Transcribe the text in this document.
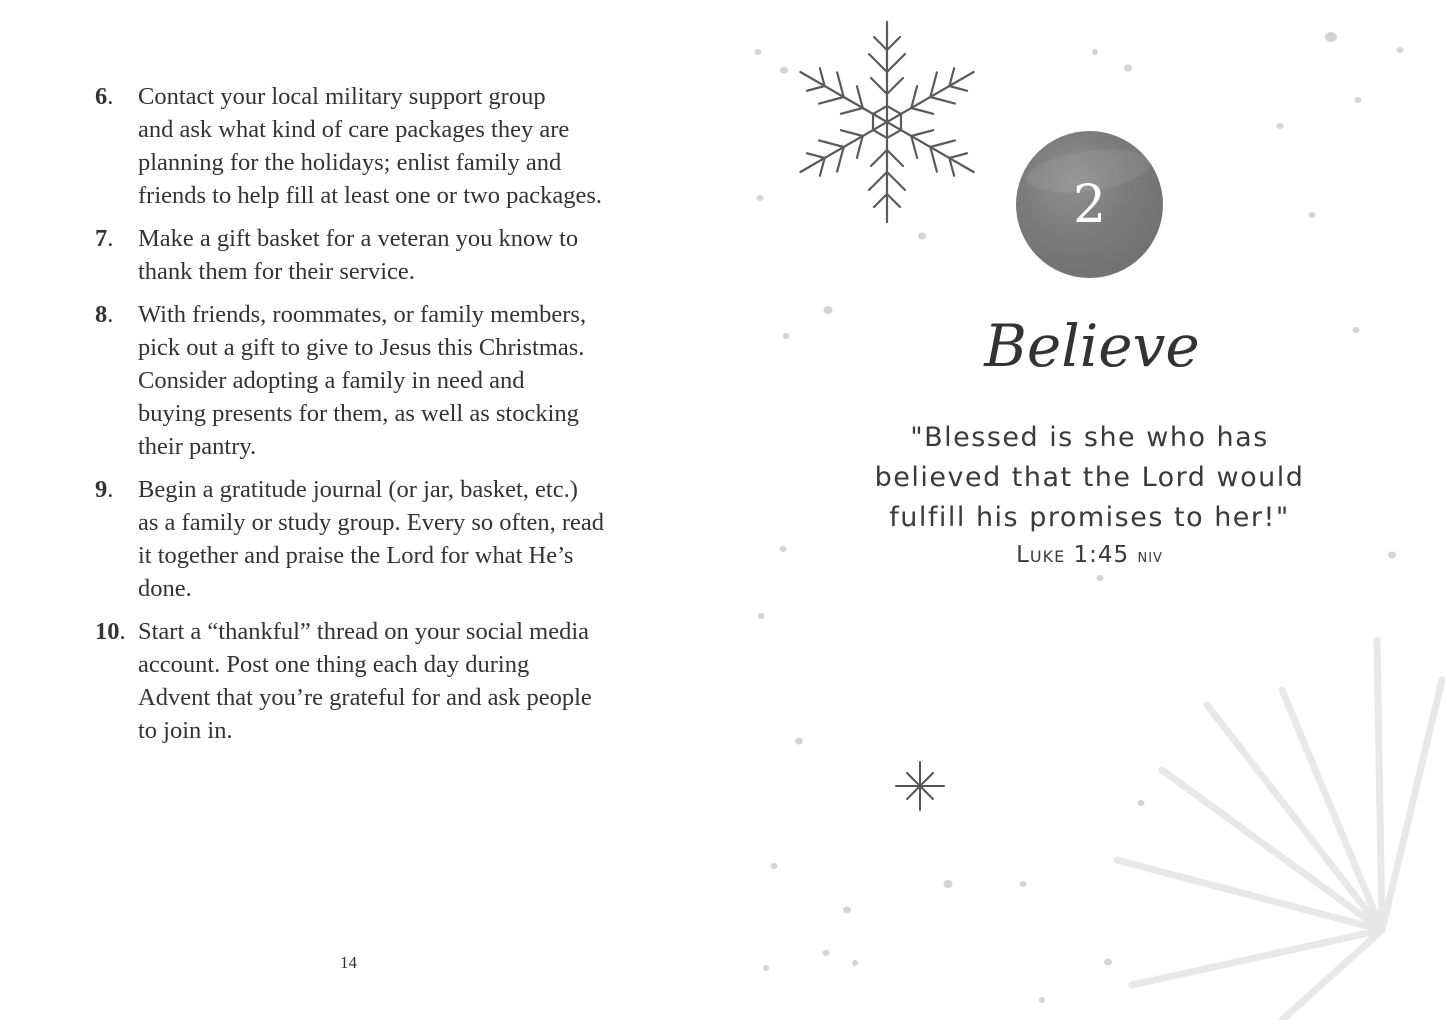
6. Contact your local military support group
and ask what kind of care packages they are
planning for the holidays; enlist family and
friends to help fill at least one or two packages.
7. Make a gift basket for a veteran you know to
thank them for their service.
8. With friends, roommates, or family members,
pick out a gift to give to Jesus this Christmas.
Consider adopting a family in need and
buying presents for them, as well as stocking
their pantry.
9. Begin a gratitude journal (or jar, basket, etc.)
as a family or study group. Every so often, read
it together and praise the Lord for what He’s
done.
10. Start a “thankful” thread on your social media
account. Post one thing each day during
Advent that you’re grateful for and ask people
to join in.
14
2
Believe
"Blessed is she who has
believed that the Lord would
fulfill his promises to her!"
Luke 1:45 niv
